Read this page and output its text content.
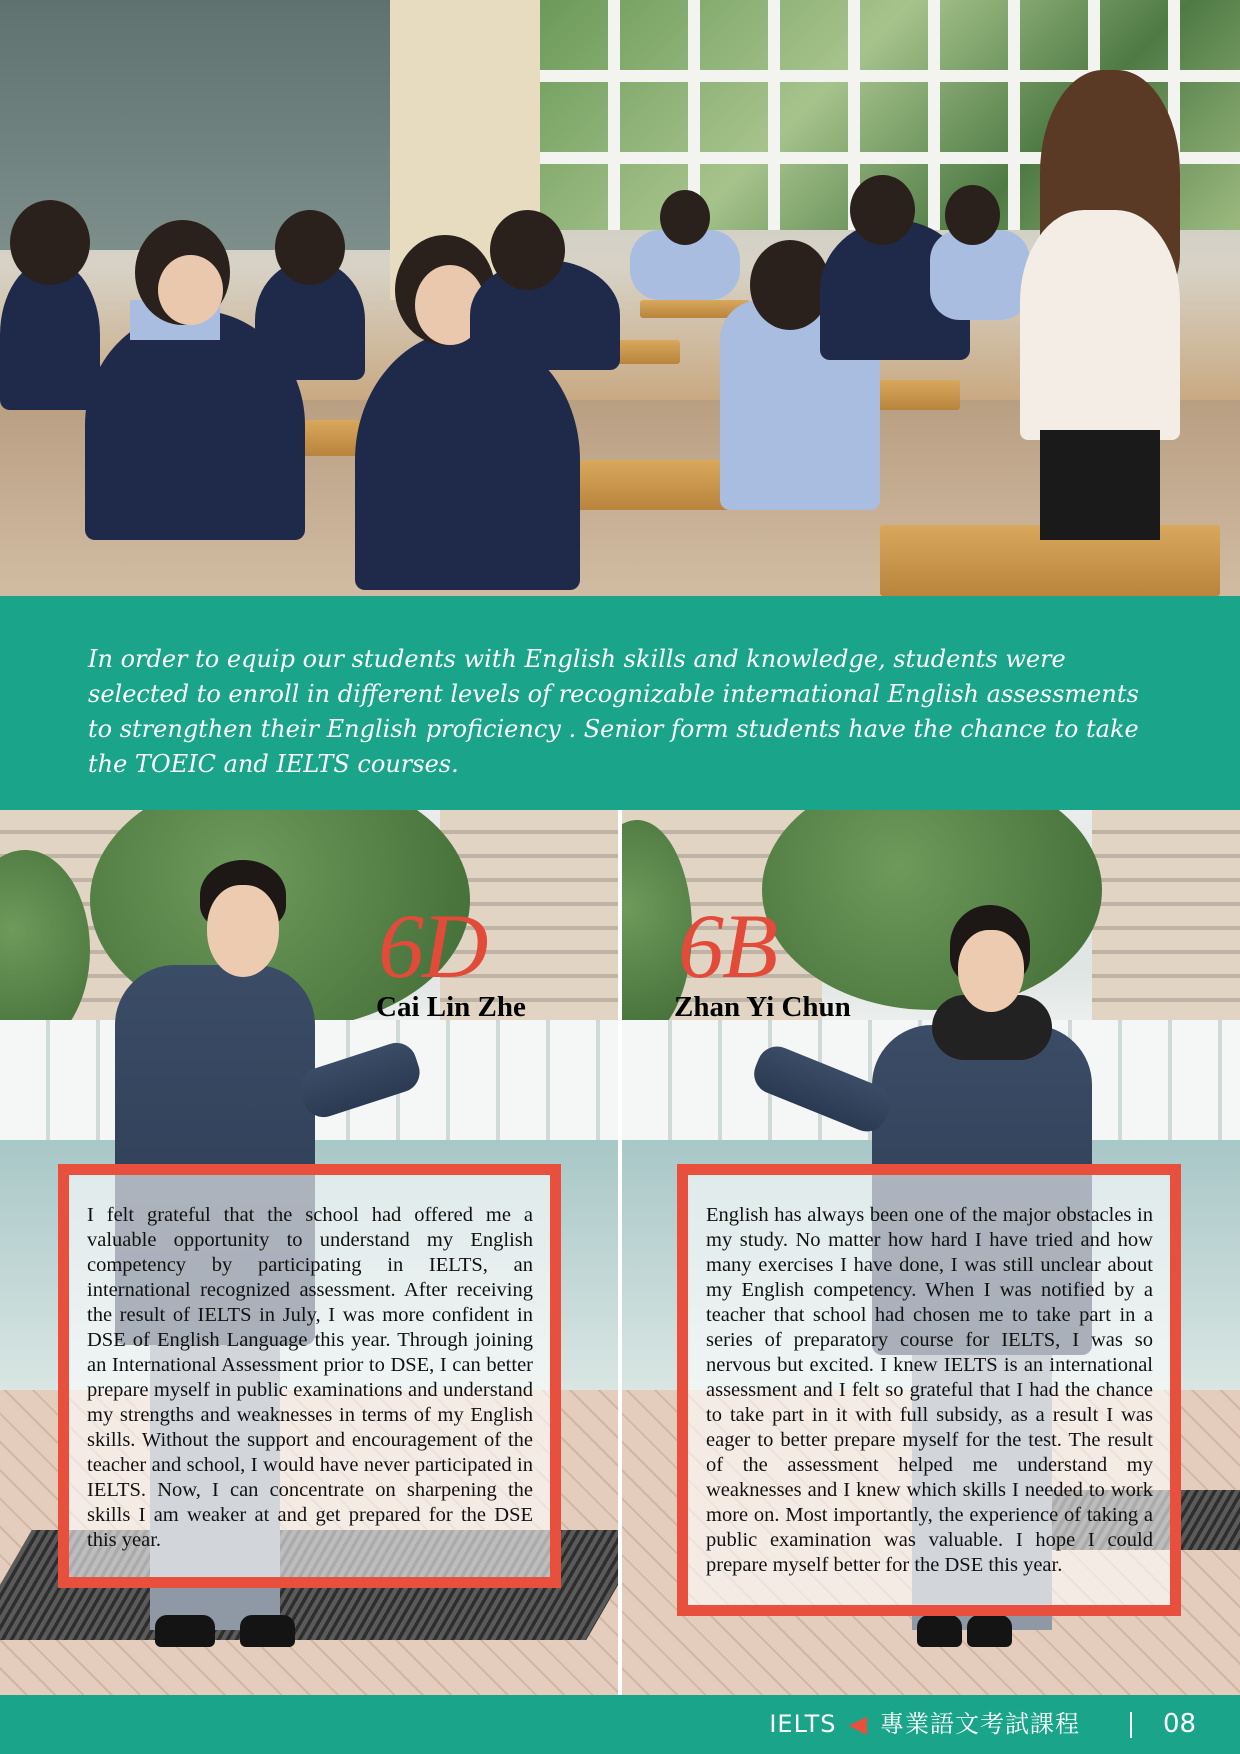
In order to equip our students with English skills and knowledge, students were selected to enroll in different levels of recognizable international English assessments to strengthen their English proficiency . Senior form students have the chance to take the TOEIC and IELTS courses.

6D
Cai Lin Zhe

I felt grateful that the school had offered me a valuable opportunity to understand my English competency by participating in IELTS, an international recognized assessment. After receiving the result of IELTS in July, I was more confident in DSE of English Language this year. Through joining an International Assessment prior to DSE, I can better prepare myself in public examinations and understand my strengths and weaknesses in terms of my English skills. Without the support and encouragement of the teacher and school, I would have never participated in IELTS. Now, I can concentrate on sharpening the skills I am weaker at and get prepared for the DSE this year.

6B
Zhan Yi Chun

English has always been one of the major obstacles in my study. No matter how hard I have tried and how many exercises I have done, I was still unclear about my English competency. When I was notified by a teacher that school had chosen me to take part in a series of preparatory course for IELTS, I was so nervous but excited. I knew IELTS is an international assessment and I felt so grateful that I had the chance to take part in it with full subsidy, as a result I was eager to better prepare myself for the test. The result of the assessment helped me understand my weaknesses and I knew which skills I needed to work more on. Most importantly, the experience of taking a public examination was valuable. I hope I could prepare myself better for the DSE this year.

IELTS ◀ 專業語文考試課程	08
